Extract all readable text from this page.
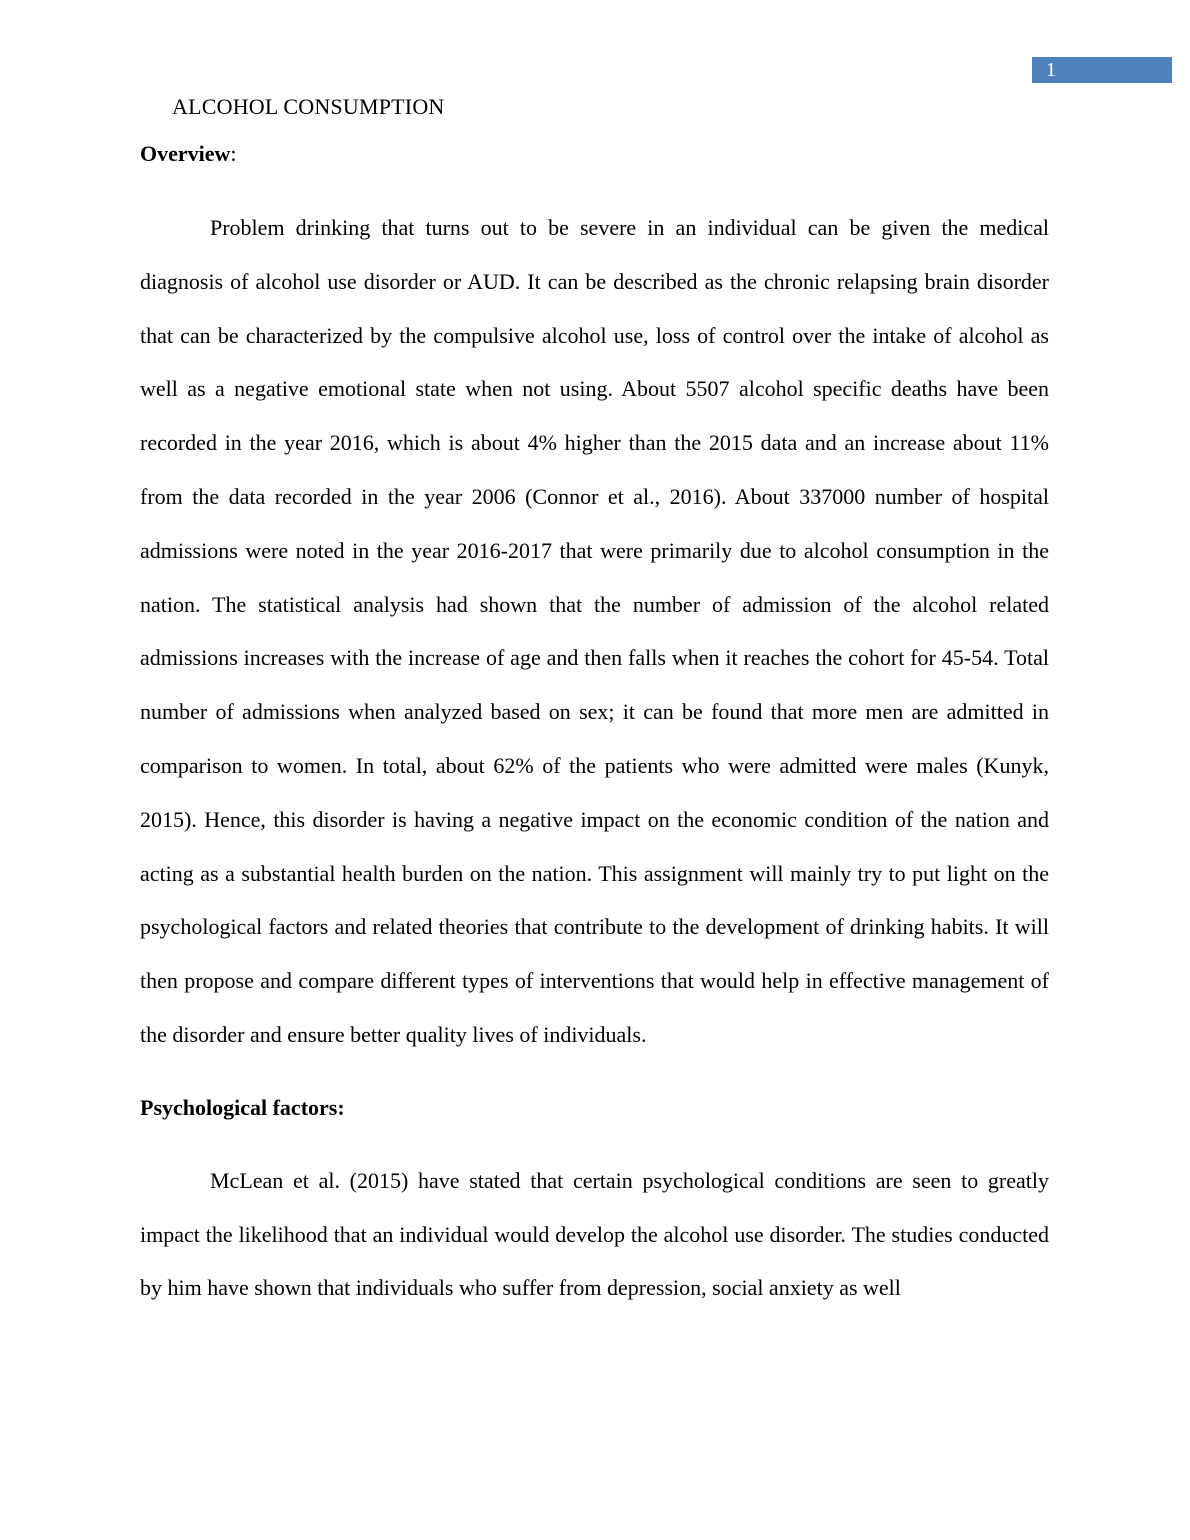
1
ALCOHOL CONSUMPTION

Overview:

Problem drinking that turns out to be severe in an individual can be given the medical diagnosis of alcohol use disorder or AUD. It can be described as the chronic relapsing brain disorder that can be characterized by the compulsive alcohol use, loss of control over the intake of alcohol as well as a negative emotional state when not using. About 5507 alcohol specific deaths have been recorded in the year 2016, which is about 4% higher than the 2015 data and an increase about 11% from the data recorded in the year 2006 (Connor et al., 2016). About 337000 number of hospital admissions were noted in the year 2016-2017 that were primarily due to alcohol consumption in the nation. The statistical analysis had shown that the number of admission of the alcohol related admissions increases with the increase of age and then falls when it reaches the cohort for 45-54. Total number of admissions when analyzed based on sex; it can be found that more men are admitted in comparison to women. In total, about 62% of the patients who were admitted were males (Kunyk, 2015). Hence, this disorder is having a negative impact on the economic condition of the nation and acting as a substantial health burden on the nation. This assignment will mainly try to put light on the psychological factors and related theories that contribute to the development of drinking habits. It will then propose and compare different types of interventions that would help in effective management of the disorder and ensure better quality lives of individuals.

Psychological factors:

McLean et al. (2015) have stated that certain psychological conditions are seen to greatly impact the likelihood that an individual would develop the alcohol use disorder. The studies conducted by him have shown that individuals who suffer from depression, social anxiety as well
